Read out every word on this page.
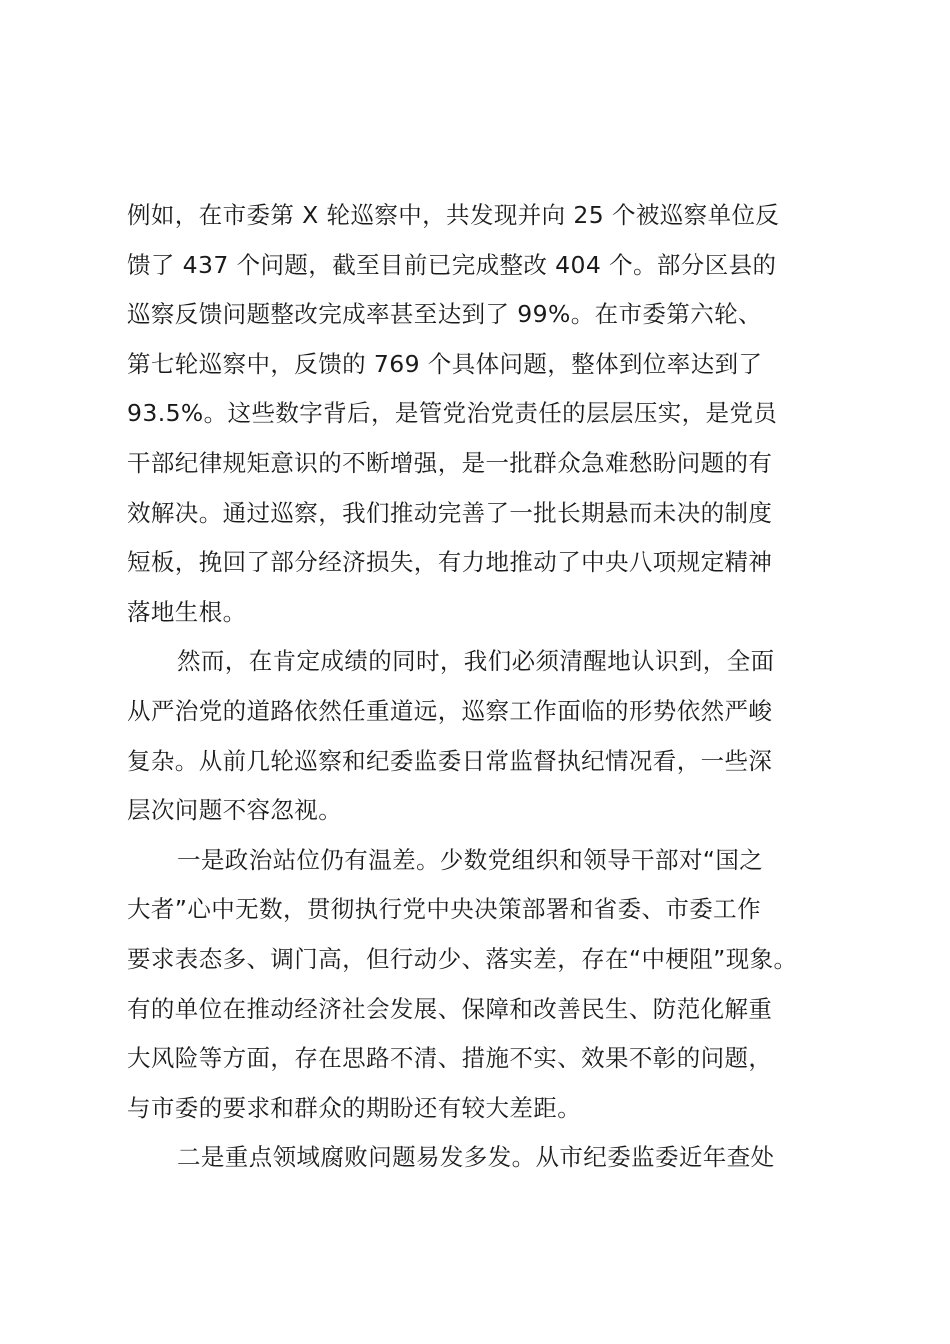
例如，在市委第 X 轮巡察中，共发现并向 25 个被巡察单位反
馈了 437 个问题，截至目前已完成整改 404 个。部分区县的
巡察反馈问题整改完成率甚至达到了 99%。在市委第六轮、
第七轮巡察中，反馈的 769 个具体问题，整体到位率达到了
93.5%。这些数字背后，是管党治党责任的层层压实，是党员
干部纪律规矩意识的不断增强，是一批群众急难愁盼问题的有
效解决。通过巡察，我们推动完善了一批长期悬而未决的制度
短板，挽回了部分经济损失，有力地推动了中央八项规定精神
落地生根。
然而，在肯定成绩的同时，我们必须清醒地认识到，全面
从严治党的道路依然任重道远，巡察工作面临的形势依然严峻
复杂。从前几轮巡察和纪委监委日常监督执纪情况看，一些深
层次问题不容忽视。
一是政治站位仍有温差。少数党组织和领导干部对“国之
大者”心中无数，贯彻执行党中央决策部署和省委、市委工作
要求表态多、调门高，但行动少、落实差，存在“中梗阻”现象。
有的单位在推动经济社会发展、保障和改善民生、防范化解重
大风险等方面，存在思路不清、措施不实、效果不彰的问题，
与市委的要求和群众的期盼还有较大差距。
二是重点领域腐败问题易发多发。从市纪委监委近年查处
